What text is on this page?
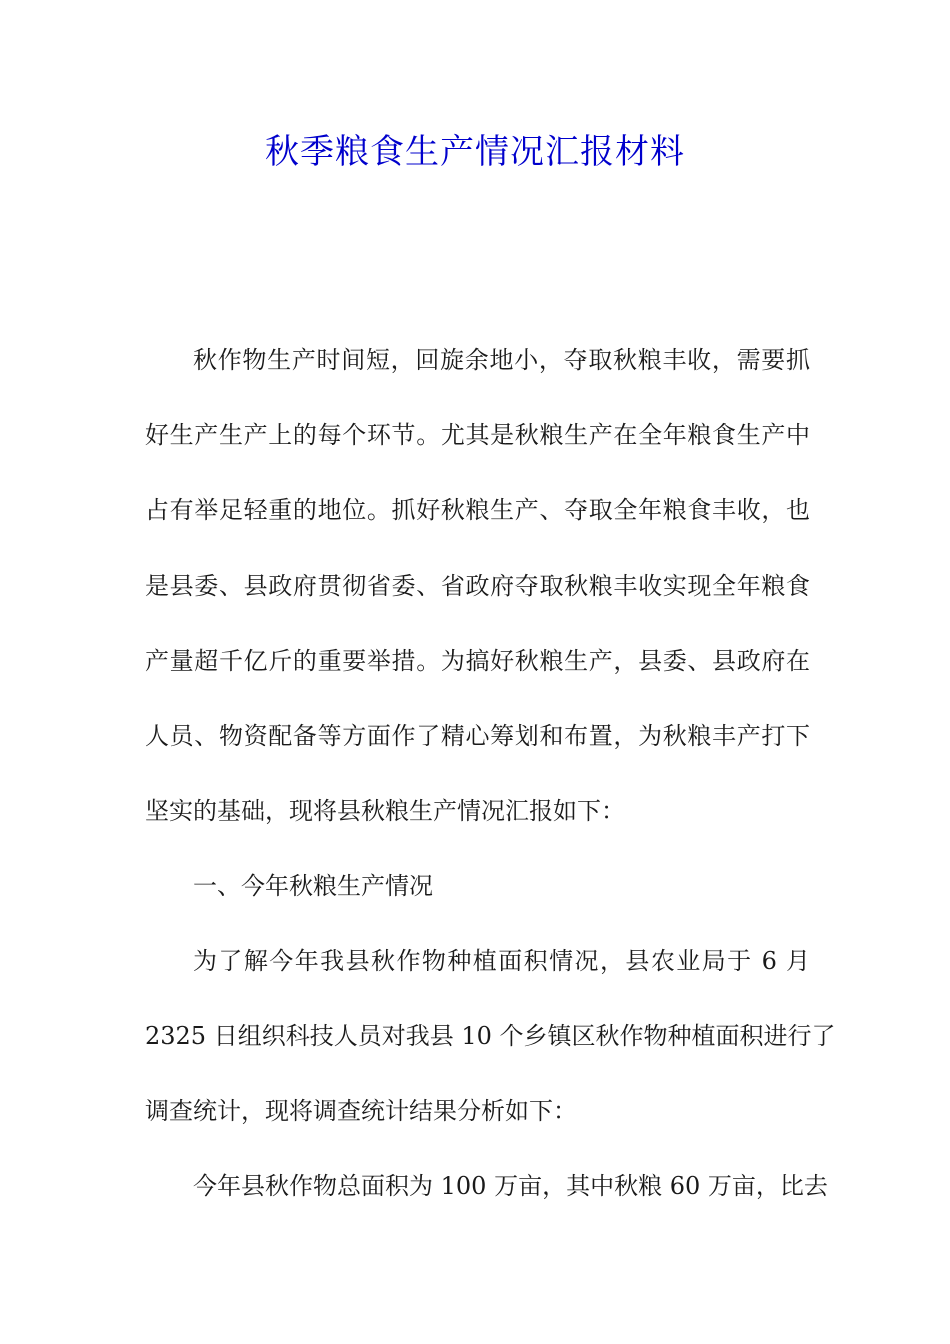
秋季粮食生产情况汇报材料
秋作物生产时间短，回旋余地小，夺取秋粮丰收，需要抓
好生产生产上的每个环节。尤其是秋粮生产在全年粮食生产中
占有举足轻重的地位。抓好秋粮生产、夺取全年粮食丰收，也
是县委、县政府贯彻省委、省政府夺取秋粮丰收实现全年粮食
产量超千亿斤的重要举措。为搞好秋粮生产，县委、县政府在
人员、物资配备等方面作了精心筹划和布置，为秋粮丰产打下
坚实的基础，现将县秋粮生产情况汇报如下：
一、今年秋粮生产情况
为了解今年我县秋作物种植面积情况，县农业局于 6 月
2325 日组织科技人员对我县 10 个乡镇区秋作物种植面积进行了
调查统计，现将调查统计结果分析如下：
今年县秋作物总面积为 100 万亩，其中秋粮 60 万亩，比去
